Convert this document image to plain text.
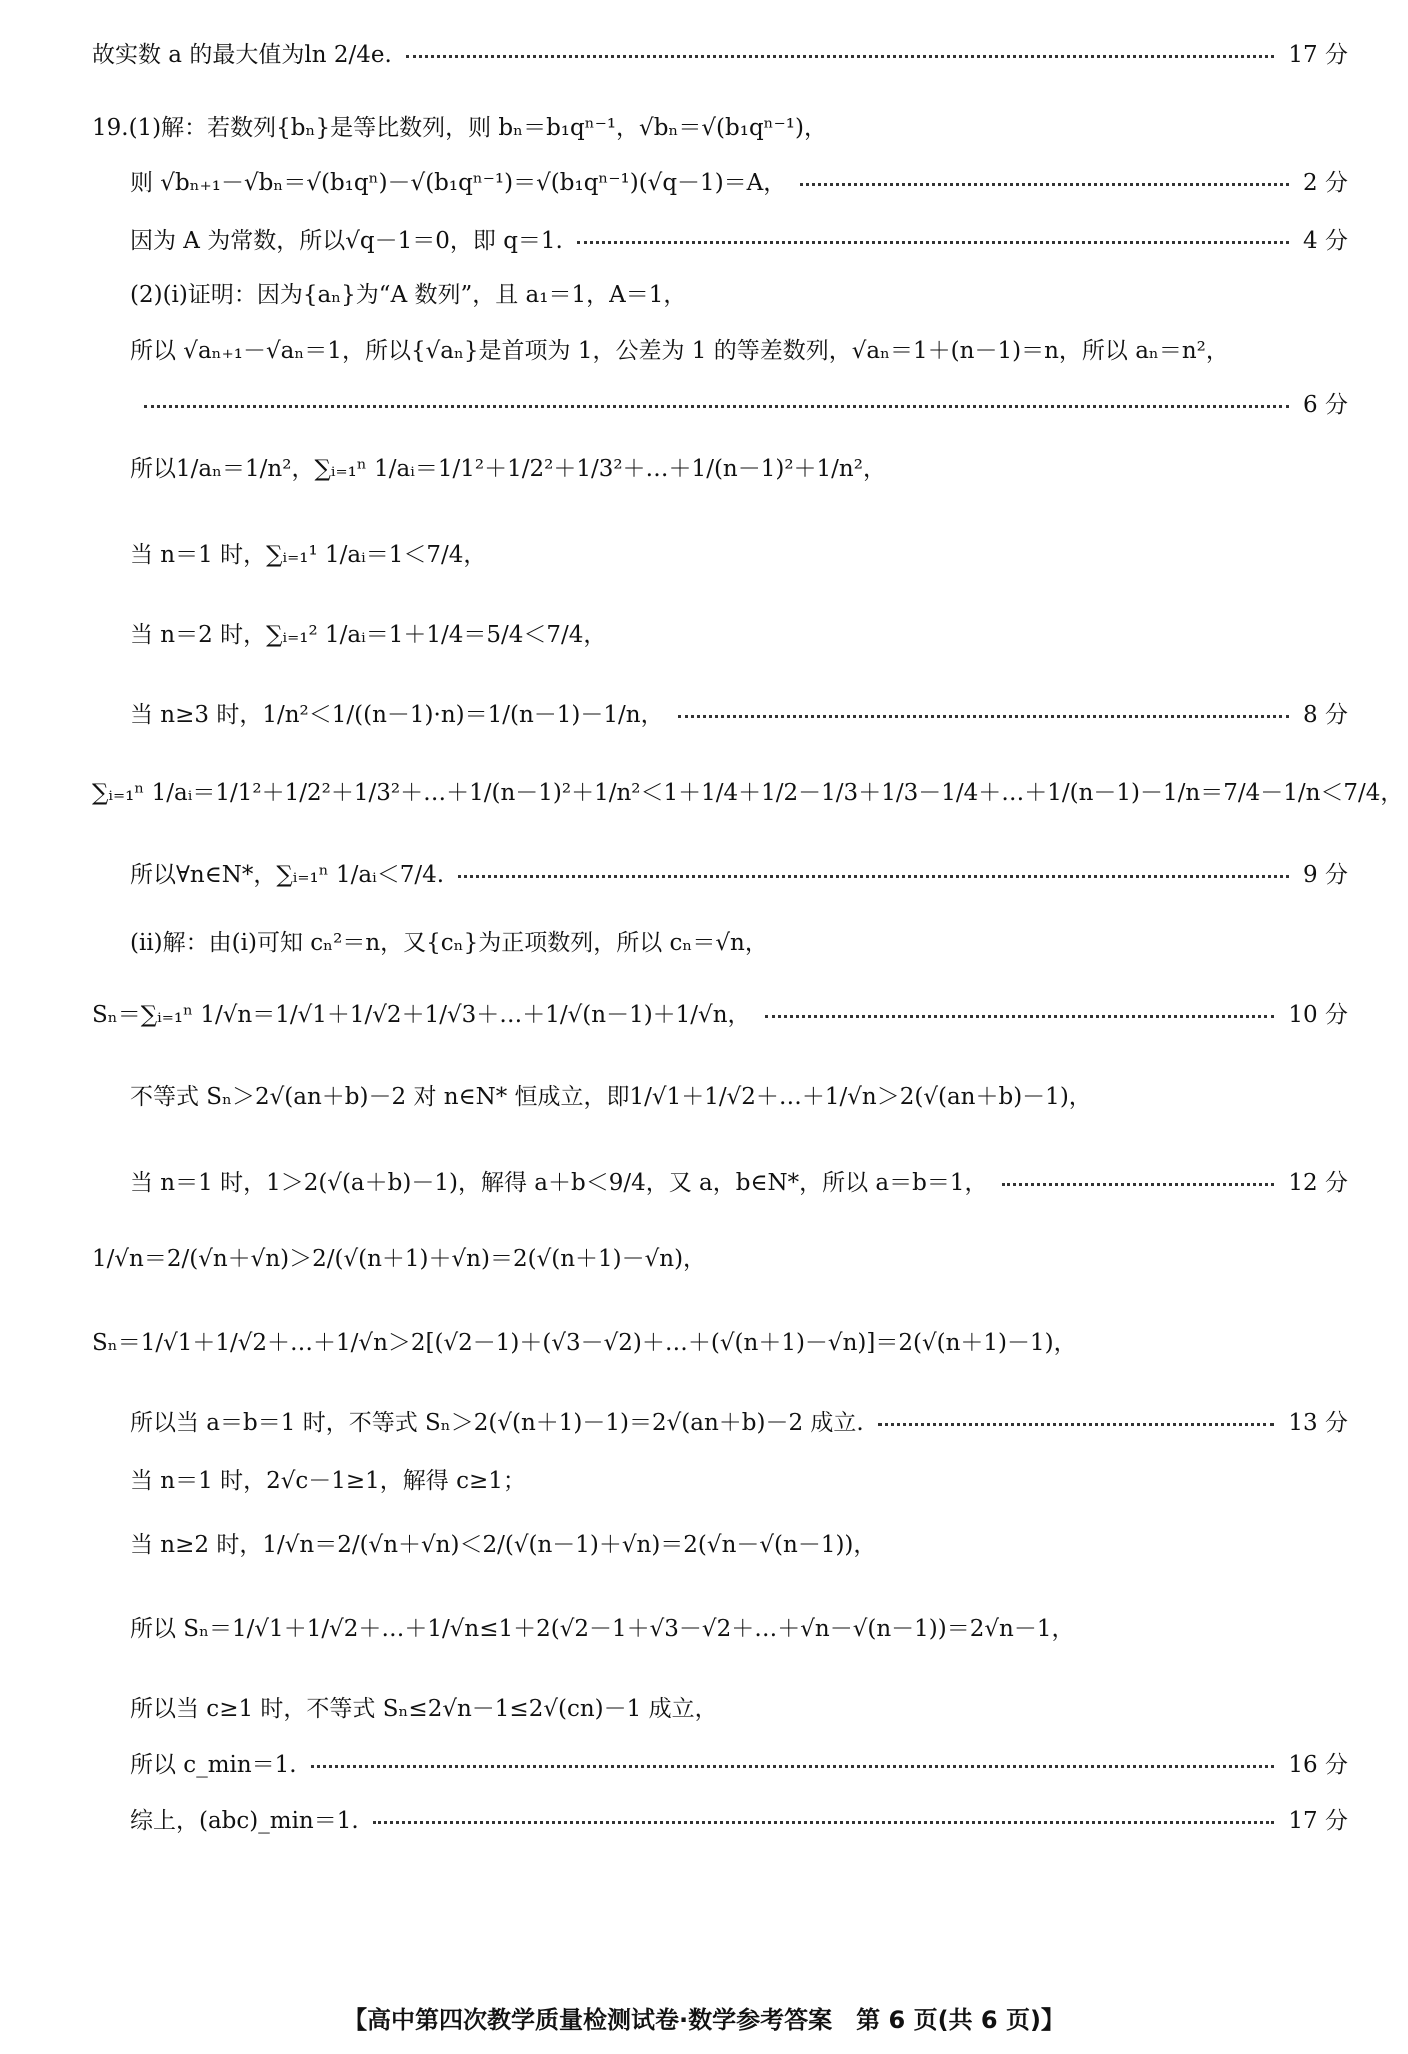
故实数 a 的最大值为ln 2/4e.	17 分
19.(1)解：若数列{bₙ}是等比数列，则 bₙ＝b₁qⁿ⁻¹，√bₙ＝√(b₁qⁿ⁻¹)，
则 √bₙ₊₁－√bₙ＝√(b₁qⁿ)－√(b₁qⁿ⁻¹)＝√(b₁qⁿ⁻¹)(√q－1)＝A，	2 分
因为 A 为常数，所以√q－1＝0，即 q＝1.	4 分
(2)(ⅰ)证明：因为{aₙ}为“A 数列”，且 a₁＝1，A＝1，
所以 √aₙ₊₁－√aₙ＝1，所以{√aₙ}是首项为 1，公差为 1 的等差数列，√aₙ＝1＋(n－1)＝n，所以 aₙ＝n²，
6 分
所以1/aₙ＝1/n²，∑ᵢ₌₁ⁿ 1/aᵢ＝1/1²＋1/2²＋1/3²＋…＋1/(n－1)²＋1/n²，
当 n＝1 时，∑ᵢ₌₁¹ 1/aᵢ＝1＜7/4，
当 n＝2 时，∑ᵢ₌₁² 1/aᵢ＝1＋1/4＝5/4＜7/4，
当 n≥3 时，1/n²＜1/((n－1)·n)＝1/(n－1)－1/n，	8 分
∑ᵢ₌₁ⁿ 1/aᵢ＝1/1²＋1/2²＋1/3²＋…＋1/(n－1)²＋1/n²＜1＋1/4＋1/2－1/3＋1/3－1/4＋…＋1/(n－1)－1/n＝7/4－1/n＜7/4，
所以∀n∈N*，∑ᵢ₌₁ⁿ 1/aᵢ＜7/4.	9 分
(ⅱ)解：由(ⅰ)可知 cₙ²＝n，又{cₙ}为正项数列，所以 cₙ＝√n，
Sₙ＝∑ᵢ₌₁ⁿ 1/√n＝1/√1＋1/√2＋1/√3＋…＋1/√(n－1)＋1/√n，	10 分
不等式 Sₙ＞2√(an＋b)－2 对 n∈N* 恒成立，即1/√1＋1/√2＋…＋1/√n＞2(√(an＋b)－1)，
当 n＝1 时，1＞2(√(a＋b)－1)，解得 a＋b＜9/4，又 a，b∈N*，所以 a＝b＝1，	12 分
1/√n＝2/(√n＋√n)＞2/(√(n＋1)＋√n)＝2(√(n＋1)－√n)，
Sₙ＝1/√1＋1/√2＋…＋1/√n＞2[(√2－1)＋(√3－√2)＋…＋(√(n＋1)－√n)]＝2(√(n＋1)－1)，
所以当 a＝b＝1 时，不等式 Sₙ＞2(√(n＋1)－1)＝2√(an＋b)－2 成立.	13 分
当 n＝1 时，2√c－1≥1，解得 c≥1；
当 n≥2 时，1/√n＝2/(√n＋√n)＜2/(√(n－1)＋√n)＝2(√n－√(n－1))，
所以 Sₙ＝1/√1＋1/√2＋…＋1/√n≤1＋2(√2－1＋√3－√2＋…＋√n－√(n－1))＝2√n－1，
所以当 c≥1 时，不等式 Sₙ≤2√n－1≤2√(cn)－1 成立，
所以 c_min＝1.	16 分
综上，(abc)_min＝1.	17 分
【高中第四次教学质量检测试卷·数学参考答案　第 6 页(共 6 页)】
